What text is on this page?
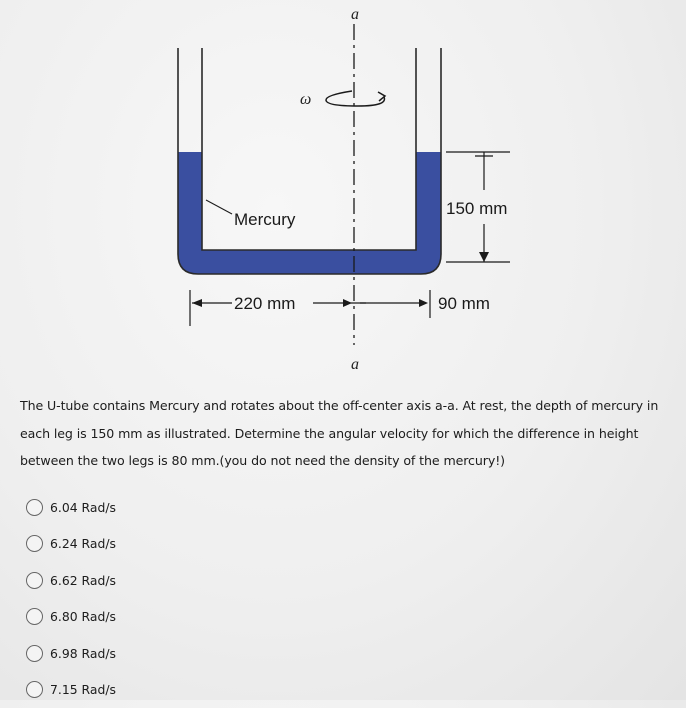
a
a
ω
Mercury
150 mm
220 mm	90 mm
The U-tube contains Mercury and rotates about the off-center axis a-a. At rest, the depth of mercury in each leg is 150 mm as illustrated. Determine the angular velocity for which the difference in height between the two legs is 80 mm.(you do not need the density of the mercury!)
6.04 Rad/s
6.24 Rad/s
6.62 Rad/s
6.80 Rad/s
6.98 Rad/s
7.15 Rad/s
